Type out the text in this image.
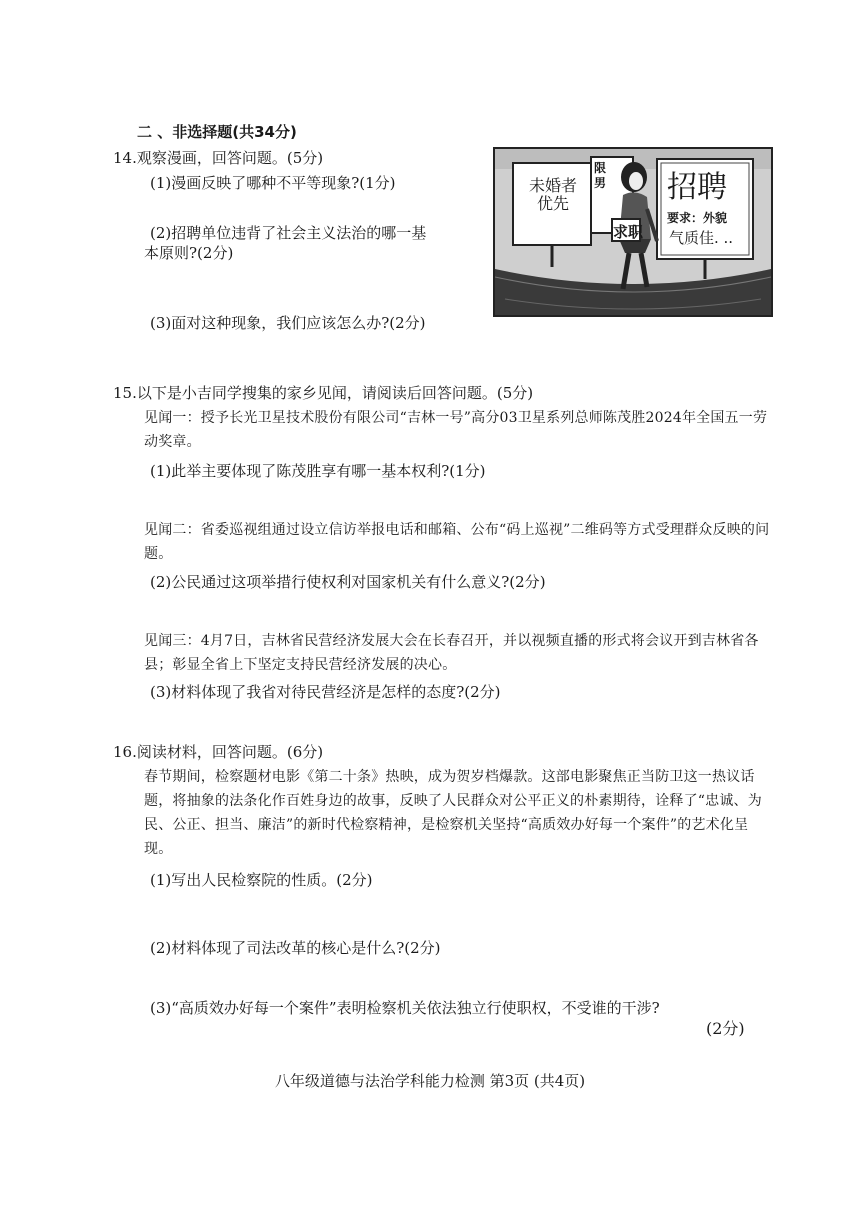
二 、非选择题(共34分)
14.观察漫画，回答问题。(5分)
(1)漫画反映了哪种不平等现象?(1分)
(2)招聘单位违背了社会主义法治的哪一基
本原则?(2分)
(3)面对这种现象，我们应该怎么办?(2分)
未婚者
优先
限
男
求职
招聘
要求：外貌
气质佳. ..
15.以下是小吉同学搜集的家乡见闻，请阅读后回答问题。(5分)
见闻一：授予长光卫星技术股份有限公司“吉林一号”高分03卫星系列总师陈茂胜2024年全国五一劳动奖章。
(1)此举主要体现了陈茂胜享有哪一基本权利?(1分)
见闻二：省委巡视组通过设立信访举报电话和邮箱、公布“码上巡视”二维码等方式受理群众反映的问题。
(2)公民通过这项举措行使权利对国家机关有什么意义?(2分)
见闻三：4月7日，吉林省民营经济发展大会在长春召开，并以视频直播的形式将会议开到吉林省各县；彰显全省上下坚定支持民营经济发展的决心。
(3)材料体现了我省对待民营经济是怎样的态度?(2分)
16.阅读材料，回答问题。(6分)
春节期间，检察题材电影《第二十条》热映，成为贺岁档爆款。这部电影聚焦正当防卫这一热议话题，将抽象的法条化作百姓身边的故事，反映了人民群众对公平正义的朴素期待，诠释了“忠诚、为民、公正、担当、廉洁”的新时代检察精神，是检察机关坚持“高质效办好每一个案件”的艺术化呈现。
(1)写出人民检察院的性质。(2分)
(2)材料体现了司法改革的核心是什么?(2分)
(3)“高质效办好每一个案件”表明检察机关依法独立行使职权，不受谁的干涉?
(2分)
八年级道德与法治学科能力检测 第3页 (共4页)
